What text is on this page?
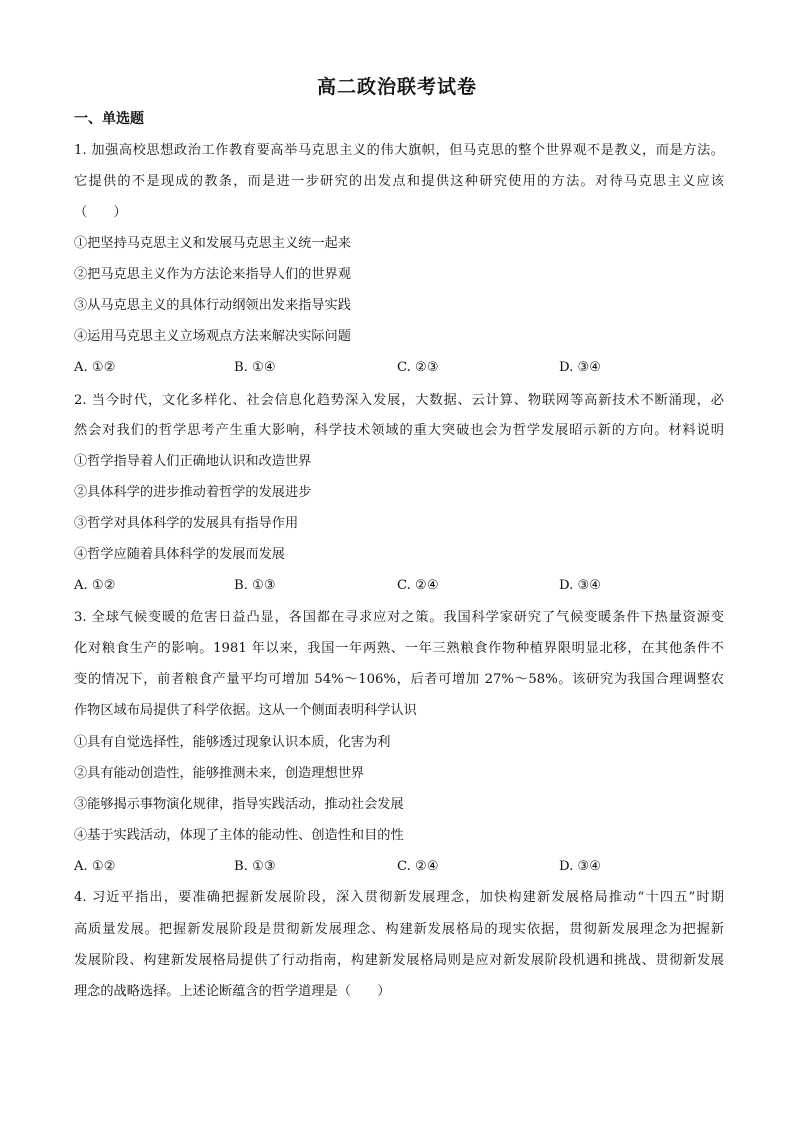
高二政治联考试卷
一、单选题
1. 加强高校思想政治工作教育要高举马克思主义的伟大旗帜，但马克思的整个世界观不是教义，而是方法。
它提供的不是现成的教条，而是进一步研究的出发点和提供这种研究使用的方法。对待马克思主义应该
（　　）
①把坚持马克思主义和发展马克思主义统一起来
②把马克思主义作为方法论来指导人们的世界观
③从马克思主义的具体行动纲领出发来指导实践
④运用马克思主义立场观点方法来解决实际问题
A. ①②	B. ①④	C. ②③	D. ③④
2. 当今时代，文化多样化、社会信息化趋势深入发展，大数据、云计算、物联网等高新技术不断涌现，必
然会对我们的哲学思考产生重大影响，科学技术领域的重大突破也会为哲学发展昭示新的方向。材料说明
①哲学指导着人们正确地认识和改造世界
②具体科学的进步推动着哲学的发展进步
③哲学对具体科学的发展具有指导作用
④哲学应随着具体科学的发展而发展
A. ①②	B. ①③	C. ②④	D. ③④
3. 全球气候变暖的危害日益凸显，各国都在寻求应对之策。我国科学家研究了气候变暖条件下热量资源变
化对粮食生产的影响。1981 年以来，我国一年两熟、一年三熟粮食作物种植界限明显北移，在其他条件不
变的情况下，前者粮食产量平均可增加 54%～106%，后者可增加 27%～58%。该研究为我国合理调整农
作物区域布局提供了科学依据。这从一个侧面表明科学认识
①具有自觉选择性，能够透过现象认识本质，化害为利
②具有能动创造性，能够推测未来，创造理想世界
③能够揭示事物演化规律，指导实践活动，推动社会发展
④基于实践活动，体现了主体的能动性、创造性和目的性
A. ①②	B. ①③	C. ②④	D. ③④
4. 习近平指出，要准确把握新发展阶段，深入贯彻新发展理念，加快构建新发展格局推动“十四五”时期
高质量发展。把握新发展阶段是贯彻新发展理念、构建新发展格局的现实依据，贯彻新发展理念为把握新
发展阶段、构建新发展格局提供了行动指南，构建新发展格局则是应对新发展阶段机遇和挑战、贯彻新发展
理念的战略选择。上述论断蕴含的哲学道理是（　　）
